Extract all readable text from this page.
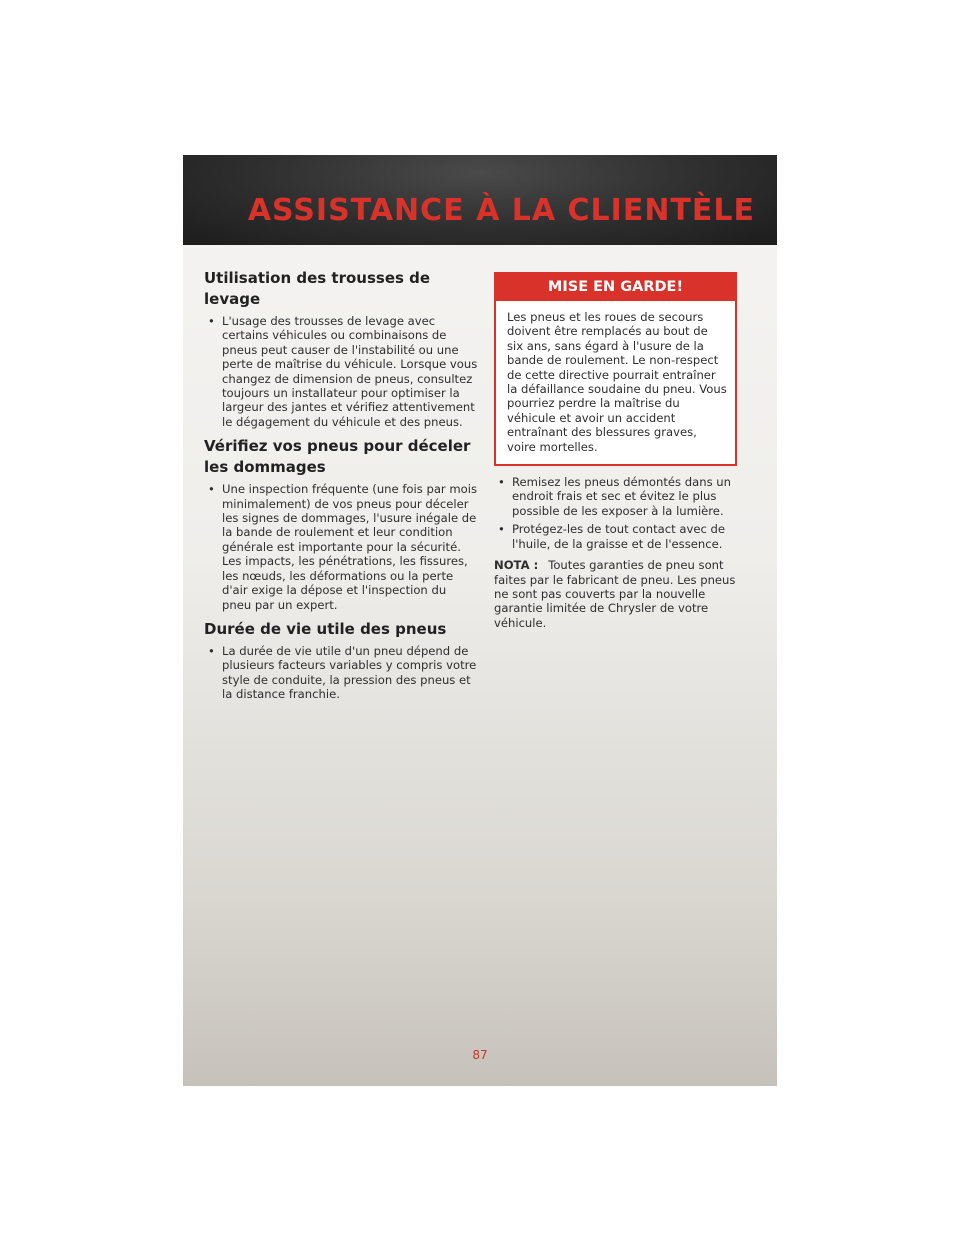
ASSISTANCE À LA CLIENTÈLE
Utilisation des trousses de levage
• L'usage des trousses de levage avec certains véhicules ou combinaisons de pneus peut causer de l'instabilité ou une perte de maîtrise du véhicule. Lorsque vous changez de dimension de pneus, consultez toujours un installateur pour optimiser la largeur des jantes et vérifiez attentivement le dégagement du véhicule et des pneus.
Vérifiez vos pneus pour déceler les dommages
• Une inspection fréquente (une fois par mois minimalement) de vos pneus pour déceler les signes de dommages, l'usure inégale de la bande de roulement et leur condition générale est importante pour la sécurité. Les impacts, les pénétrations, les fissures, les nœuds, les déformations ou la perte d'air exige la dépose et l'inspection du pneu par un expert.
Durée de vie utile des pneus
• La durée de vie utile d'un pneu dépend de plusieurs facteurs variables y compris votre style de conduite, la pression des pneus et la distance franchie.
MISE EN GARDE!
Les pneus et les roues de secours doivent être remplacés au bout de six ans, sans égard à l'usure de la bande de roulement. Le non-respect de cette directive pourrait entraîner la défaillance soudaine du pneu. Vous pourriez perdre la maîtrise du véhicule et avoir un accident entraînant des blessures graves, voire mortelles.
• Remisez les pneus démontés dans un endroit frais et sec et évitez le plus possible de les exposer à la lumière.
• Protégez-les de tout contact avec de l'huile, de la graisse et de l'essence.

NOTA : Toutes garanties de pneu sont faites par le fabricant de pneu. Les pneus ne sont pas couverts par la nouvelle garantie limitée de Chrysler de votre véhicule.

87
